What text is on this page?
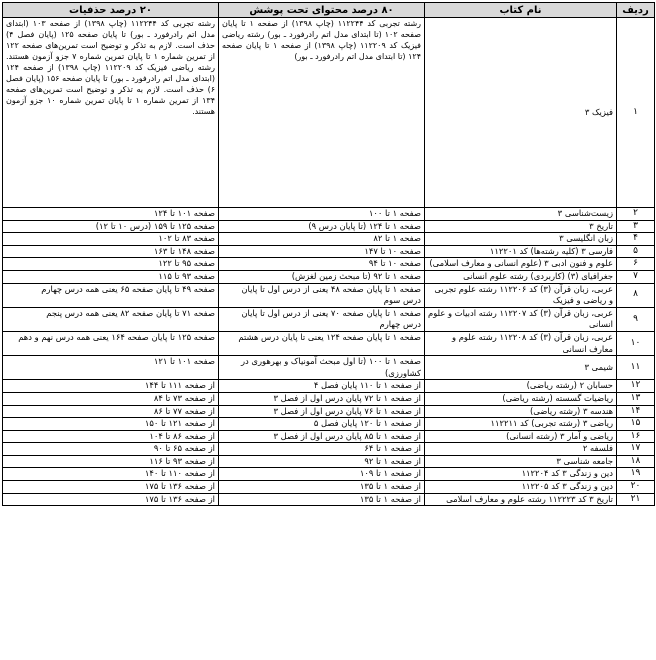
ردیف	نام کتاب	۸۰ درصد محتوای تحت پوشش	۲۰ درصد حذفیات
۱	فیزیک ۳	رشته تجربی کد ۱۱۲۲۴۴ (چاپ ۱۳۹۸) از صفحه ۱ تا پایان صفحه ۱۰۲ (تا ابتدای مدل اتم رادرفورد ـ بور) رشته ریاضی فیزیک کد ۱۱۲۲۰۹ (چاپ ۱۳۹۸) از صفحه ۱ تا پایان صفحه ۱۲۴ (تا ابتدای مدل اتم رادرفورد ـ بور)	رشته تجربی کد ۱۱۲۲۴۴ (چاپ ۱۳۹۸) از صفحه ۱۰۳ (ابتدای مدل اتم رادرفورد ـ بور) تا پایان صفحه ۱۲۵ (پایان فصل ۴) حذف است. لازم به تذکر و توضیح است تمرین‌های صفحه ۱۲۲ از تمرین شماره ۱ تا پایان تمرین شماره ۷ جزو آزمون هستند. رشته ریاضی فیزیک کد ۱۱۲۲۰۹ (چاپ ۱۳۹۸) از صفحه ۱۲۴ (ابتدای مدل اتم رادرفورد ـ بور) تا پایان صفحه ۱۵۶ (پایان فصل ۶) حذف است. لازم به تذکر و توضیح است تمرین‌های صفحه ۱۳۴ از تمرین شماره ۱ تا پایان تمرین شماره ۱۰ جزو آزمون هستند.
۲	زیست‌شناسی ۳	صفحه ۱ تا ۱۰۰	صفحه ۱۰۱ تا ۱۲۴
۳	تاریخ ۳	صفحه ۱ تا ۱۲۴ (تا پایان درس ۹)	صفحه ۱۲۵ تا ۱۵۹ (درس ۱۰ تا ۱۲)
۴	زبان انگلیسی ۳	صفحه ۱ تا ۸۲	صفحه ۸۳ تا ۱۰۲
۵	فارسی ۳ (کلیه رشته‌ها) کد ۱۱۲۲۰۱	صفحه ۱۰ تا ۱۴۷	صفحه ۱۴۸ تا ۱۶۳
۶	علوم و فنون ادبی ۳ (علوم انسانی و معارف اسلامی)	صفحه ۱۰ تا ۹۴	صفحه ۹۵ تا ۱۲۲
۷	جغرافیای (۳) (کاربردی) رشته علوم انسانی	صفحه ۱ تا ۹۲ (تا مبحث زمین لغزش)	صفحه ۹۳ تا ۱۱۵
۸	عربی، زبان قرآن (۳) کد ۱۱۲۲۰۶ رشته علوم تجربی و ریاضی و فیزیک	صفحه ۱ تا پایان صفحه ۴۸ یعنی از درس اول تا پایان درس سوم	صفحه ۴۹ تا پایان صفحه ۶۵ یعنی همه درس چهارم
۹	عربی، زبان قرآن (۳) کد ۱۱۲۲۰۷ رشته ادبیات و علوم انسانی	صفحه ۱ تا پایان صفحه ۷۰ یعنی از درس اول تا پایان درس چهارم	صفحه ۷۱ تا پایان صفحه ۸۲ یعنی همه درس پنجم
۱۰	عربی، زبان قرآن (۳) کد ۱۱۲۲۰۸ رشته علوم و معارف انسانی	صفحه ۱ تا پایان صفحه ۱۲۴ یعنی تا پایان درس هشتم	صفحه ۱۲۵ تا پایان صفحه ۱۶۴ یعنی همه درس نهم و دهم
۱۱	شیمی ۳	صفحه ۱ تا ۱۰۰ (تا اول مبحث آمونیاک و بهرهوری در کشاورزی)	صفحه ۱۰۱ تا ۱۲۱
۱۲	حسابان ۲ (رشته ریاضی)	از صفحه ۱ تا ۱۱۰ پایان فصل ۴	از صفحه ۱۱۱ تا ۱۴۴
۱۳	ریاضیات گسسته (رشته ریاضی)	از صفحه ۱ تا ۷۲ پایان درس اول از فصل ۳	از صفحه ۷۳ تا ۸۴
۱۴	هندسه ۳ (رشته ریاضی)	از صفحه ۱ تا ۷۶ پایان درس اول از فصل ۳	از صفحه ۷۷ تا ۸۶
۱۵	ریاضی ۳ (رشته تجربی) کد ۱۱۲۲۱۱	از صفحه ۱ تا ۱۲۰ پایان فصل ۵	از صفحه ۱۲۱ تا ۱۵۰
۱۶	ریاضی و آمار ۳ (رشته انسانی)	از صفحه ۱ تا ۸۵ پایان درس اول از فصل ۳	از صفحه ۸۶ تا ۱۰۴
۱۷	فلسفه ۲	از صفحه ۱ تا ۶۴	از صفحه ۶۵ تا ۹۰
۱۸	جامعه شناسی ۳	از صفحه ۱ تا ۹۲	از صفحه ۹۳ تا ۱۱۶
۱۹	دین و زندگی ۳ کد ۱۱۲۲۰۴	از صفحه ۱ تا ۱۰۹	از صفحه ۱۱۰ تا ۱۴۰
۲۰	دین و زندگی ۳ کد ۱۱۲۲۰۵	از صفحه ۱ تا ۱۳۵	از صفحه ۱۳۶ تا ۱۷۵
۲۱	تاریخ ۳ کد ۱۱۲۲۲۳ رشته علوم و معارف اسلامی	از صفحه ۱ تا ۱۳۵	از صفحه ۱۳۶ تا ۱۷۵
